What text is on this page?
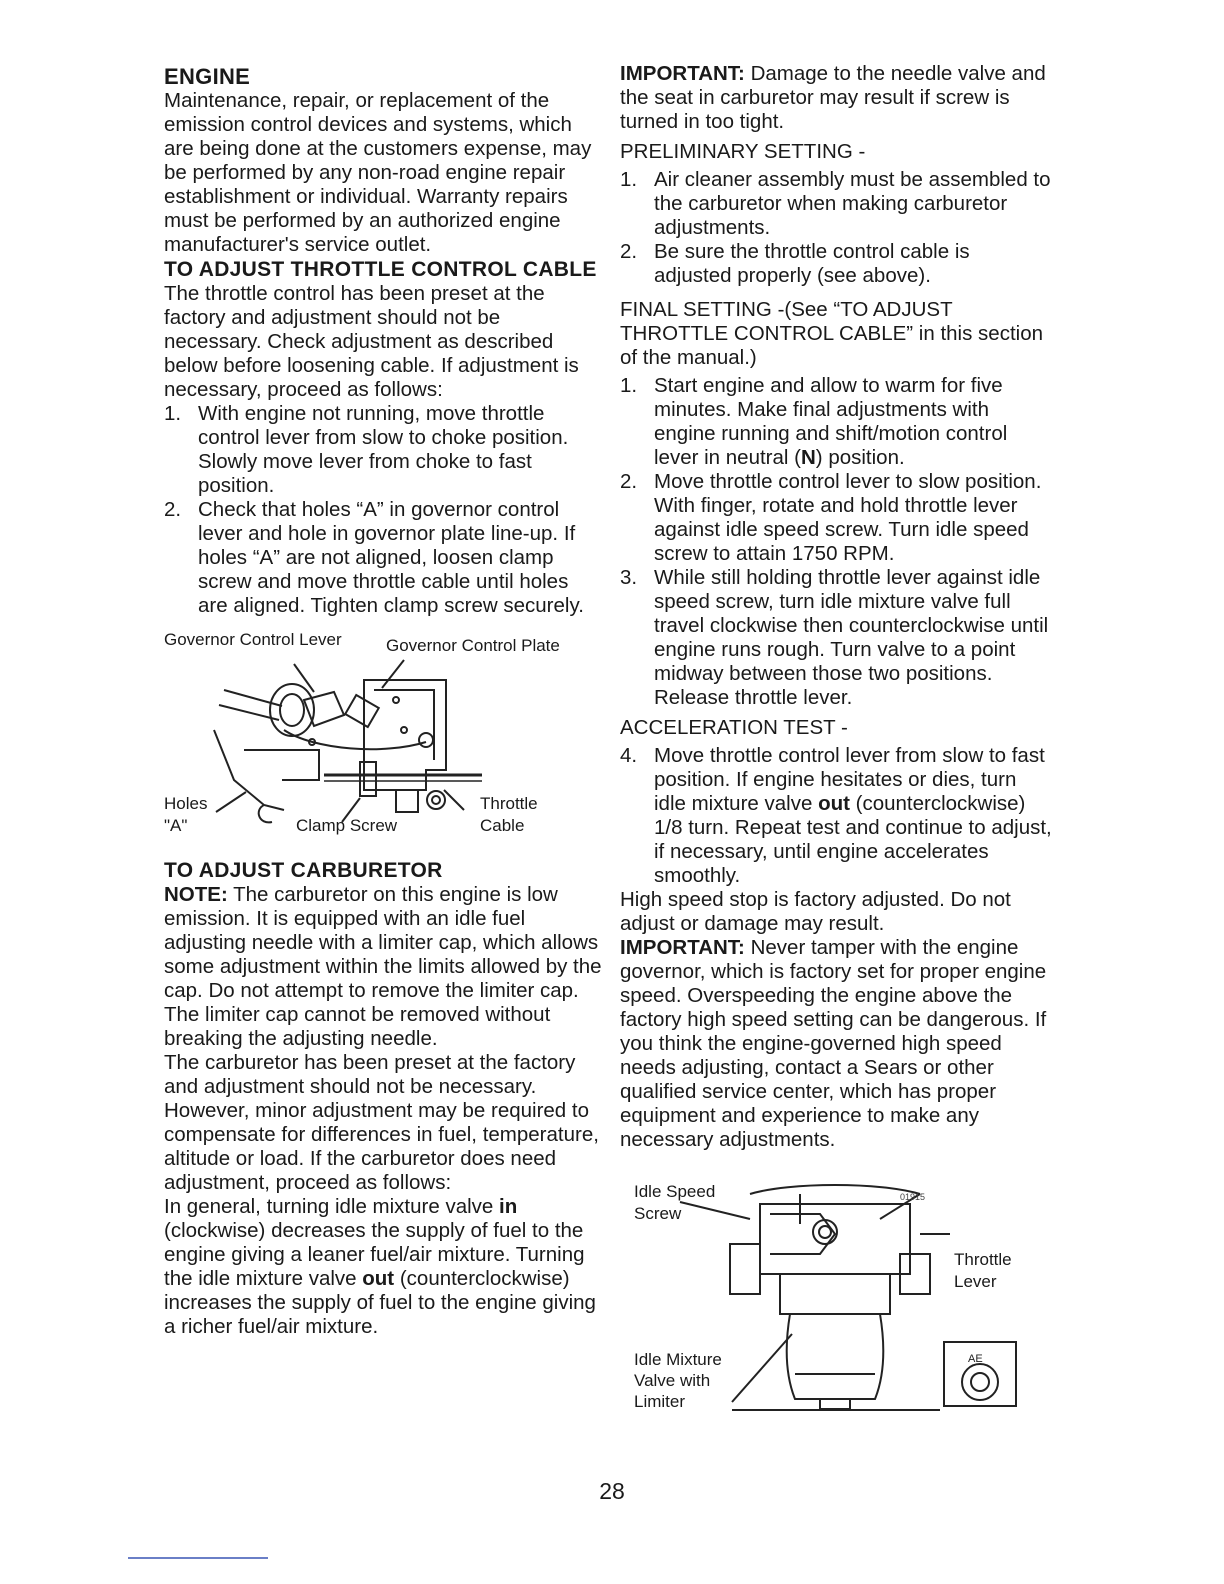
ENGINE

Maintenance, repair, or replacement of the emission control devices and systems, which are being done at the customers expense, may be performed by any non-road engine repair establishment or individual. Warranty repairs must be performed by an authorized engine manufacturer's service outlet.

TO ADJUST THROTTLE CONTROL CABLE

The throttle control has been preset at the factory and adjustment should not be necessary. Check adjustment as described below before loosening cable. If adjustment is necessary, proceed as follows:

1. With engine not running, move throttle control lever from slow to choke position. Slowly move lever from choke to fast position.
2. Check that holes “A” in governor control lever and hole in governor plate line-up. If holes “A” are not aligned, loosen clamp screw and move throttle cable until holes are aligned. Tighten clamp screw securely.
Governor Control Lever	Governor Control Plate
Holes
"A"	Clamp Screw
Throttle
Cable

TO ADJUST CARBURETOR

NOTE: The carburetor on this engine is low emission. It is equipped with an idle fuel adjusting needle with a limiter cap, which allows some adjustment within the limits allowed by the cap. Do not attempt to remove the limiter cap. The limiter cap cannot be removed without breaking the adjusting needle.

The carburetor has been preset at the factory and adjustment should not be necessary. However, minor adjustment may be required to compensate for differences in fuel, temperature, altitude or load. If the carburetor does need adjustment, proceed as follows:

In general, turning idle mixture valve in (clockwise) decreases the supply of fuel to the engine giving a leaner fuel/air mixture. Turning the idle mixture valve out (counterclockwise) increases the supply of fuel to the engine giving a richer fuel/air mixture.

IMPORTANT: Damage to the needle valve and the seat in carburetor may result if screw is turned in too tight.

PRELIMINARY SETTING -

1. Air cleaner assembly must be assembled to the carburetor when making carburetor adjustments.
2. Be sure the throttle control cable is adjusted properly (see above).

FINAL SETTING -(See “TO ADJUST THROTTLE CONTROL CABLE” in this section of the manual.)

1. Start engine and allow to warm for five minutes. Make final adjustments with engine running and shift/motion control lever in neutral (N) position.
2. Move throttle control lever to slow position. With finger, rotate and hold throttle lever against idle speed screw. Turn idle speed screw to attain 1750 RPM.
3. While still holding throttle lever against idle speed screw, turn idle mixture valve full travel clockwise then counterclockwise until engine runs rough. Turn valve to a point midway between those two positions. Release throttle lever.

ACCELERATION TEST -

4. Move throttle control lever from slow to fast position. If engine hesitates or dies, turn idle mixture valve out (counterclockwise) 1/8 turn. Repeat test and continue to adjust, if necessary, until engine accelerates smoothly.

High speed stop is factory adjusted. Do not adjust or damage may result.

IMPORTANT: Never tamper with the engine governor, which is factory set for proper engine speed. Overspeeding the engine above the factory high speed setting can be dangerous. If you think the engine-governed high speed needs adjusting, contact a Sears or other qualified service center, which has proper equipment and experience to make any necessary adjustments.

01915
AE
Idle Speed
Screw
Throttle
Lever
Idle Mixture
Valve with
Limiter
28
